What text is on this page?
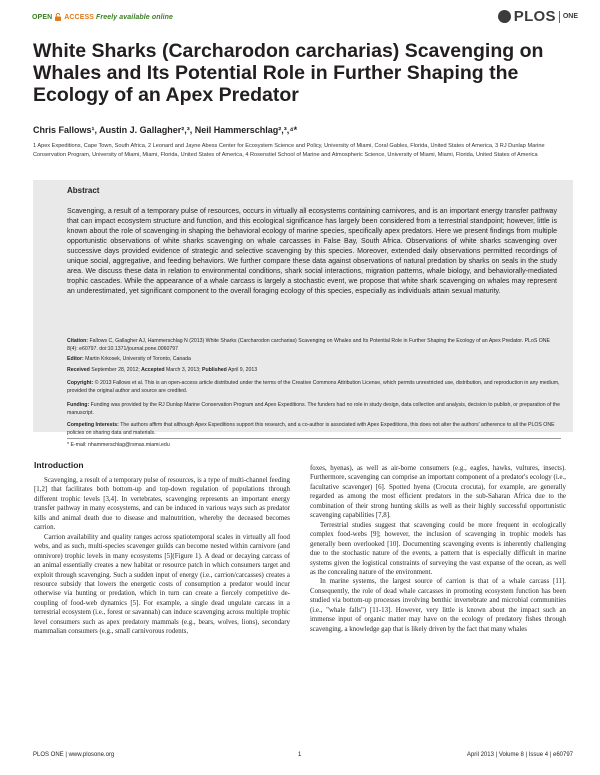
OPEN ACCESS Freely available online	PLOS ONE
White Sharks (Carcharodon carcharias) Scavenging on Whales and Its Potential Role in Further Shaping the Ecology of an Apex Predator
Chris Fallows¹, Austin J. Gallagher²,³, Neil Hammerschlag²,³,⁴*
1 Apex Expeditions, Cape Town, South Africa, 2 Leonard and Jayne Abess Center for Ecosystem Science and Policy, University of Miami, Coral Gables, Florida, United States of America, 3 RJ Dunlap Marine Conservation Program, University of Miami, Miami, Florida, United States of America, 4 Rosenstiel School of Marine and Atmospheric Science, University of Miami, Miami, Florida, United States of America
Abstract
Scavenging, a result of a temporary pulse of resources, occurs in virtually all ecosystems containing carnivores, and is an important energy transfer pathway that can impact ecosystem structure and function, and this ecological significance has largely been considered from a terrestrial standpoint; however, little is known about the role of scavenging in shaping the behavioral ecology of marine species, specifically apex predators. Here we present findings from multiple opportunistic observations of white sharks scavenging on whale carcasses in False Bay, South Africa. Observations of white sharks scavenging over successive days provided evidence of strategic and selective scavenging by this species. Moreover, extended daily observations permitted recordings of unique social, aggregative, and feeding behaviors. We further compare these data against observations of natural predation by sharks on seals in the study area. We discuss these data in relation to environmental conditions, shark social interactions, migration patterns, whale biology, and behaviorally-mediated trophic cascades. While the appearance of a whale carcass is largely a stochastic event, we propose that white shark scavenging on whales may represent an underestimated, yet significant component to the overall foraging ecology of this species, especially as individuals attain sexual maturity.
Citation: Fallows C, Gallagher AJ, Hammerschlag N (2013) White Sharks (Carcharodon carcharias) Scavenging on Whales and Its Potential Role in Further Shaping the Ecology of an Apex Predator. PLoS ONE 8(4): e60797. doi:10.1371/journal.pone.0060797
Editor: Martin Krkosek, University of Toronto, Canada
Received September 28, 2012; Accepted March 3, 2013; Published April 9, 2013
Copyright: © 2013 Fallows et al. This is an open-access article distributed under the terms of the Creative Commons Attribution License, which permits unrestricted use, distribution, and reproduction in any medium, provided the original author and source are credited.
Funding: Funding was provided by the RJ Dunlap Marine Conservation Program and Apex Expeditions. The funders had no role in study design, data collection and analysis, decision to publish, or preparation of the manuscript.
Competing Interests: The authors affirm that although Apex Expeditions support this research, and a co-author is associated with Apex Expeditions, this does not alter the authors' adherence to all the PLOS ONE policies on sharing data and materials.
* E-mail: nhammerschlag@rsmas.miami.edu
Introduction

Scavenging, a result of a temporary pulse of resources, is a type of multi-channel feeding [1,2] that facilitates both bottom-up and top-down regulation of populations through different trophic levels [3,4]. In vertebrates, scavenging represents an important energy transfer pathway in many ecosystems, and can be induced in various ways such as predator kills and animal death due to disease and malnutrition, whereby the deceased becomes carrion.

Carrion availability and quality ranges across spatiotemporal scales in virtually all food webs, and as such, multi-species scavenger guilds can become nested within carnivore (and omnivore) trophic levels in many ecosystems [5](Figure 1). A dead or decaying carcass of an animal essentially creates a new habitat or resource patch in which consumers target and exploit through scavenging. Such a sudden input of energy (i.e., carrion/carcasses) creates a resource subsidy that lowers the energetic costs of consumption a predator would incur otherwise via hunting or predation, which in turn can create a fiercely competitive de-coupling of food-web dynamics [5]. For example, a single dead ungulate carcass in a terrestrial ecosystem (i.e., forest or savannah) can induce scavenging across multiple trophic level consumers such as apex predatory mammals (e.g., bears, wolves, lions), secondary mammalian consumers (e.g., small carnivorous rodents,

foxes, hyenas), as well as air-borne consumers (e.g., eagles, hawks, vultures, insects). Furthermore, scavenging can comprise an important component of a predator's ecology (i.e., facultative scavenger) [6]. Spotted hyena (Crocuta crocuta), for example, are generally regarded as among the most efficient predators in the sub-Saharan Africa due to the combination of their strong hunting skills as well as their highly successful opportunistic scavenging capabilities [7,8].

Terrestrial studies suggest that scavenging could be more frequent in ecologically complex food-webs [9]; however, the inclusion of scavenging in trophic models has generally been overlooked [10]. Documenting scavenging events is inherently challenging due to the stochastic nature of the events, a pattern that is especially difficult in marine systems given the logistical constraints of surveying the vast expanse of the ocean, as well as the concealing nature of the environment.

In marine systems, the largest source of carrion is that of a whale carcass [11]. Consequently, the role of dead whale carcasses in promoting ecosystem function has been studied via bottom-up processes involving benthic invertebrate and microbial communities (i.e., "whale falls") [11-13]. However, very little is known about the impact such an immense input of organic matter may have on the ecology of predatory fishes through scavenging, a knowledge gap that is likely driven by the fact that many whales

PLOS ONE | www.plosone.org	1	April 2013 | Volume 8 | Issue 4 | e60797
